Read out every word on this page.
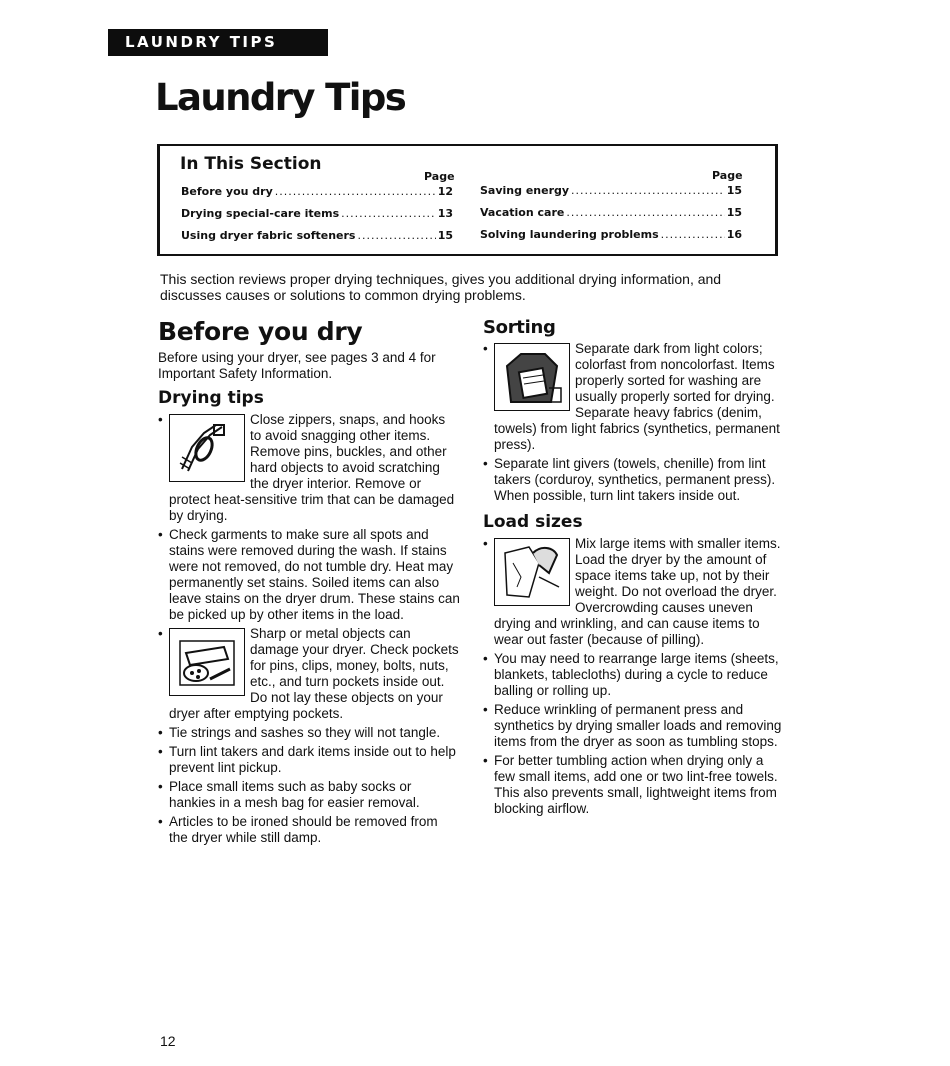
LAUNDRY TIPS
Laundry Tips
In This Section
Page	Page
Before you dry .....	12
Drying special-care items .....	13
Using dryer fabric softeners .....	15
Saving energy .....	15
Vacation care .....	15
Solving laundering problems .....	16

This section reviews proper drying techniques, gives you additional drying information, and discusses causes or solutions to common drying problems.

Before you dry

Before using your dryer, see pages 3 and 4 for Important Safety Information.

Drying tips
• Close zippers, snaps, and hooks to avoid snagging other items. Remove pins, buckles, and other hard objects to avoid scratching the dryer interior. Remove or protect heat-sensitive trim that can be damaged by drying.
• Check garments to make sure all spots and stains were removed during the wash. If stains were not removed, do not tumble dry. Heat may permanently set stains. Soiled items can also leave stains on the dryer drum. These stains can be picked up by other items in the load.
• Sharp or metal objects can damage your dryer. Check pockets for pins, clips, money, bolts, nuts, etc., and turn pockets inside out. Do not lay these objects on your dryer after emptying pockets.
• Tie strings and sashes so they will not tangle.
• Turn lint takers and dark items inside out to help prevent lint pickup.
• Place small items such as baby socks or hankies in a mesh bag for easier removal.
• Articles to be ironed should be removed from the dryer while still damp.
Sorting
• Separate dark from light colors; colorfast from noncolorfast. Items properly sorted for washing are usually properly sorted for drying. Separate heavy fabrics (denim, towels) from light fabrics (synthetics, permanent press).
• Separate lint givers (towels, chenille) from lint takers (corduroy, synthetics, permanent press). When possible, turn lint takers inside out.
Load sizes
• Mix large items with smaller items. Load the dryer by the amount of space items take up, not by their weight. Do not overload the dryer. Overcrowding causes uneven drying and wrinkling, and can cause items to wear out faster (because of pilling).
• You may need to rearrange large items (sheets, blankets, tablecloths) during a cycle to reduce balling or rolling up.
• Reduce wrinkling of permanent press and synthetics by drying smaller loads and removing items from the dryer as soon as tumbling stops.
• For better tumbling action when drying only a few small items, add one or two lint-free towels. This also prevents small, lightweight items from blocking airflow.
12
